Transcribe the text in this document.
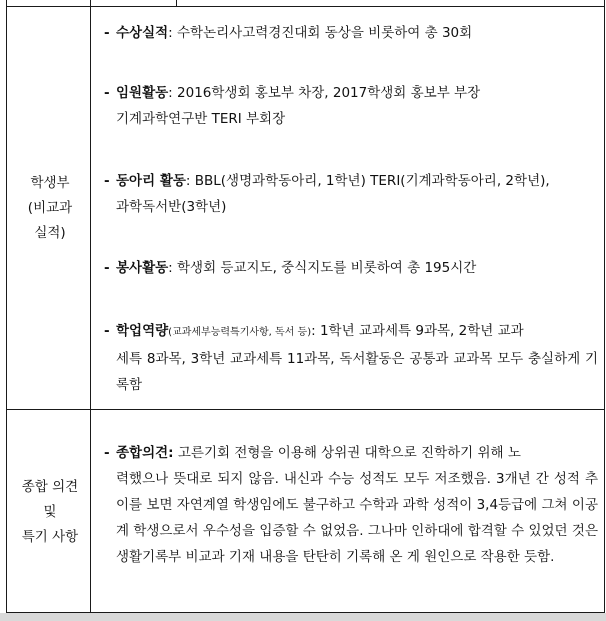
학생부
(비교과
실적)
- 수상실적: 수학논리사고력경진대회 동상을 비롯하여 총 30회
- 임원활동: 2016학생회 홍보부 차장, 2017학생회 홍보부 부장
기계과학연구반 TERI 부회장
- 동아리 활동: BBL(생명과학동아리, 1학년) TERI(기계과학동아리, 2학년),
과학독서반(3학년)
- 봉사활동: 학생회 등교지도, 중식지도를 비롯하여 총 195시간
- 학업역량(교과세부능력특기사항, 독서 등): 1학년 교과세특 9과목, 2학년 교과
세특 8과목, 3학년 교과세특 11과목, 독서활동은 공통과 교과목 모두 충실하게 기록함
종합 의견
및
특기 사항
- 종합의견: 고른기회 전형을 이용해 상위권 대학으로 진학하기 위해 노
력했으나 뜻대로 되지 않음. 내신과 수능 성적도 모두 저조했음. 3개년 간 성적 추이를 보면 자연계열 학생임에도 불구하고 수학과 과학 성적이 3,4등급에 그쳐 이공계 학생으로서 우수성을 입증할 수 없었음. 그나마 인하대에 합격할 수 있었던 것은 생활기록부 비교과 기재 내용을 탄탄히 기록해 온 게 원인으로 작용한 듯함.
